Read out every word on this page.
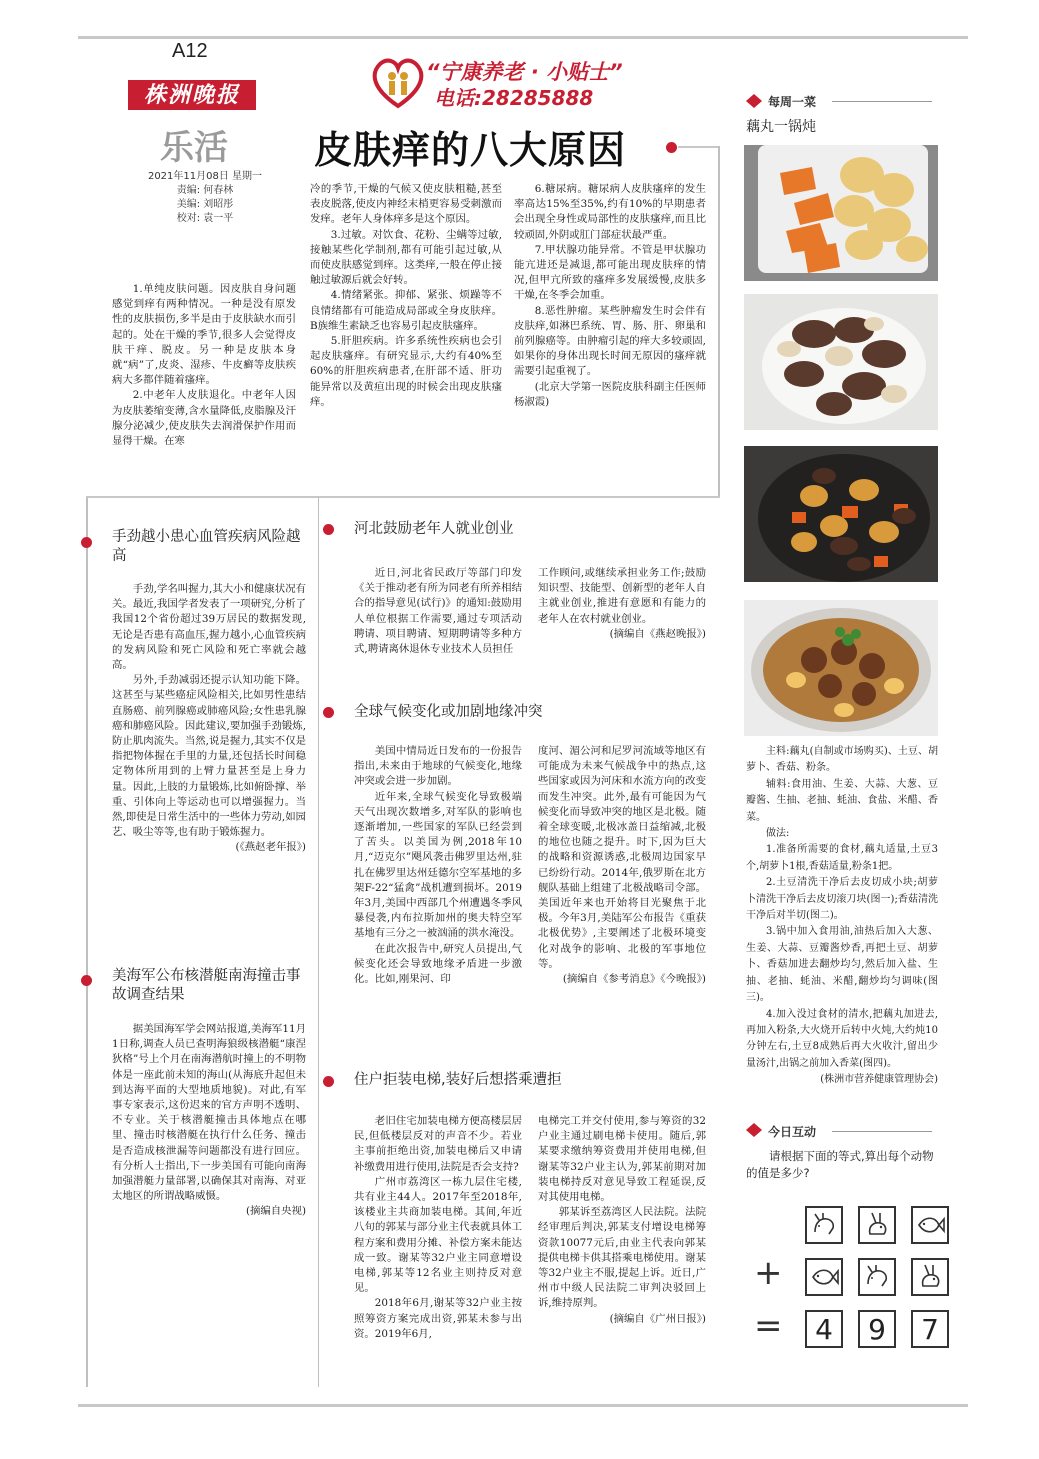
A12
株洲晚报
乐活
2021年11月08日 星期一
责编: 何春林
美编: 刘昭彤
校对: 袁一平
“宁康养老 · 小贴士”
电话:28285888
皮肤痒的八大原因

1.单纯皮肤问题。因皮肤自身问题感觉到痒有两种情况。一种是没有原发性的皮肤损伤,多半是由于皮肤缺水而引起的。处在干燥的季节,很多人会觉得皮肤干痒、脱皮。另一种是皮肤本身就“病”了,皮炎、湿疹、牛皮癣等皮肤疾病大多都伴随着瘙痒。

2.中老年人皮肤退化。中老年人因为皮肤萎缩变薄,含水量降低,皮脂腺及汗腺分泌减少,使皮肤失去润滑保护作用而显得干燥。在寒

冷的季节,干燥的气候又使皮肤粗糙,甚至表皮脱落,使皮内神经末梢更容易受刺激而发痒。老年人身体痒多是这个原因。

3.过敏。对饮食、花粉、尘螨等过敏,接触某些化学制剂,都有可能引起过敏,从而使皮肤感觉到痒。这类痒,一般在停止接触过敏源后就会好转。

4.情绪紧张。抑郁、紧张、烦躁等不良情绪都有可能造成局部或全身皮肤痒。B族维生素缺乏也容易引起皮肤瘙痒。

5.肝胆疾病。许多系统性疾病也会引起皮肤瘙痒。有研究显示,大约有40%至60%的肝胆疾病患者,在肝部不适、肝功能异常以及黄疸出现的时候会出现皮肤瘙痒。

6.糖尿病。糖尿病人皮肤瘙痒的发生率高达15%至35%,约有10%的早期患者会出现全身性或局部性的皮肤瘙痒,而且比较顽固,外阴或肛门部症状最严重。

7.甲状腺功能异常。不管是甲状腺功能亢进还是减退,都可能出现皮肤痒的情况,但甲亢所致的瘙痒多发展缓慢,皮肤多干燥,在冬季会加重。

8.恶性肿瘤。某些肿瘤发生时会伴有皮肤痒,如淋巴系统、胃、肠、肝、卵巢和前列腺癌等。由肿瘤引起的痒大多较顽固,如果你的身体出现长时间无原因的瘙痒就需要引起重视了。

(北京大学第一医院皮肤科副主任医师 杨淑霞)

手劲越小患心血管疾病风险越高

手劲,学名叫握力,其大小和健康状况有关。最近,我国学者发表了一项研究,分析了我国12个省份超过39万居民的数据发现,无论是否患有高血压,握力越小,心血管疾病的发病风险和死亡风险和死亡率就会越高。

另外,手劲减弱还提示认知功能下降。这甚至与某些癌症风险相关,比如男性患结直肠癌、前列腺癌或肺癌风险;女性患乳腺癌和肺癌风险。因此建议,要加强手劲锻炼,防止肌肉流失。当然,说是握力,其实不仅是指把物体握在手里的力量,还包括长时间稳定物体所用到的上臂力量甚至是上身力量。因此,上肢的力量锻炼,比如俯卧撑、举重、引体向上等运动也可以增强握力。当然,即使是日常生活中的一些体力劳动,如园艺、吸尘等等,也有助于锻炼握力。

(《燕赵老年报》)

美海军公布核潜艇南海撞击事故调查结果

据美国海军学会网站报道,美海军11月1日称,调查人员已查明海狼级核潜艇“康涅狄格”号上个月在南海潜航时撞上的不明物体是一座此前未知的海山(从海底升起但未到达海平面的大型地质地貌)。对此,有军事专家表示,这份迟来的官方声明不透明、不专业。关于核潜艇撞击具体地点在哪里、撞击时核潜艇在执行什么任务、撞击是否造成核泄漏等问题都没有进行回应。有分析人士指出,下一步美国有可能向南海加强潜艇力量部署,以确保其对南海、对亚太地区的所谓战略威慑。

(摘编自央视)

河北鼓励老年人就业创业

近日,河北省民政厅等部门印发《关于推动老有所为同老有所养相结合的指导意见(试行)》的通知:鼓励用人单位根据工作需要,通过专项活动聘请、项目聘请、短期聘请等多种方式,聘请离休退休专业技术人员担任

工作顾问,或继续承担业务工作;鼓励知识型、技能型、创新型的老年人自主就业创业,推进有意愿和有能力的老年人在农村就业创业。

(摘编自《燕赵晚报》)

全球气候变化或加剧地缘冲突

美国中情局近日发布的一份报告指出,未来由于地球的气候变化,地缘冲突或会进一步加剧。

近年来,全球气候变化导致极端天气出现次数增多,对军队的影响也逐渐增加,一些国家的军队已经尝到了苦头。以美国为例,2018年10月,“迈克尔”飓风袭击佛罗里达州,驻扎在佛罗里达州廷德尔空军基地的多架F-22“猛禽”战机遭到损坏。2019年3月,美国中西部几个州遭遇冬季风暴侵袭,内布拉斯加州的奥夫特空军基地有三分之一被汹涌的洪水淹没。

在此次报告中,研究人员提出,气候变化还会导致地缘矛盾进一步激化。比如,刚果河、印

度河、湄公河和尼罗河流域等地区有可能成为未来气候战争中的热点,这些国家或因为河床和水流方向的改变而发生冲突。此外,最有可能因为气候变化而导致冲突的地区是北极。随着全球变暖,北极冰盖日益缩减,北极的地位也随之提升。时下,因为巨大的战略和资源诱惑,北极周边国家早已纷纷行动。2014年,俄罗斯在北方舰队基础上组建了北极战略司令部。美国近年来也开始将目光聚焦于北极。今年3月,美陆军公布报告《重获北极优势》,主要阐述了北极环境变化对战争的影响、北极的军事地位等。

(摘编自《参考消息》《今晚报》)

住户拒装电梯,装好后想搭乘遭拒

老旧住宅加装电梯方便高楼层居民,但低楼层反对的声音不少。若业主事前拒绝出资,加装电梯后又申请补缴费用进行使用,法院是否会支持?

广州市荔湾区一栋九层住宅楼,共有业主44人。2017年至2018年,该楼业主共商加装电梯。其间,年近八旬的郭某与部分业主代表就具体工程方案和费用分摊、补偿方案未能达成一致。谢某等32户业主同意增设电梯,郭某等12名业主则持反对意见。

2018年6月,谢某等32户业主按照筹资方案完成出资,郭某未参与出资。2019年6月,

电梯完工并交付使用,参与筹资的32户业主通过刷电梯卡使用。随后,郭某要求缴纳筹资费用并使用电梯,但谢某等32户业主认为,郭某前期对加装电梯持反对意见导致工程延误,反对其使用电梯。

郭某诉至荔湾区人民法院。法院经审理后判决,郭某支付增设电梯筹资款10077元后,由业主代表向郭某提供电梯卡供其搭乘电梯使用。谢某等32户业主不服,提起上诉。近日,广州市中级人民法院二审判决驳回上诉,维持原判。

(摘编自《广州日报》)

每周一菜
藕丸一锅炖

主料:藕丸(自制或市场购买)、土豆、胡萝卜、香菇、粉条。

辅料:食用油、生姜、大蒜、大葱、豆瓣酱、生抽、老抽、蚝油、食盐、米醋、香菜。

做法:

1.准备所需要的食材,藕丸适量,土豆3个,胡萝卜1根,香菇适量,粉条1把。

2.土豆清洗干净后去皮切成小块;胡萝卜清洗干净后去皮切滚刀块(图一);香菇清洗干净后对半切(图二)。

3.锅中加入食用油,油热后加入大葱、生姜、大蒜、豆瓣酱炒香,再把土豆、胡萝卜、香菇加进去翻炒均匀,然后加入盐、生抽、老抽、蚝油、米醋,翻炒均匀调味(图三)。

4.加入没过食材的清水,把藕丸加进去,再加入粉条,大火烧开后转中火炖,大约炖10分钟左右,土豆8成熟后再大火收汁,留出少量汤汁,出锅之前加入香菜(图四)。

(株洲市营养健康管理协会)

今日互动
请根据下面的等式,算出每个动物的值是多少?
+
=	4	9	7
